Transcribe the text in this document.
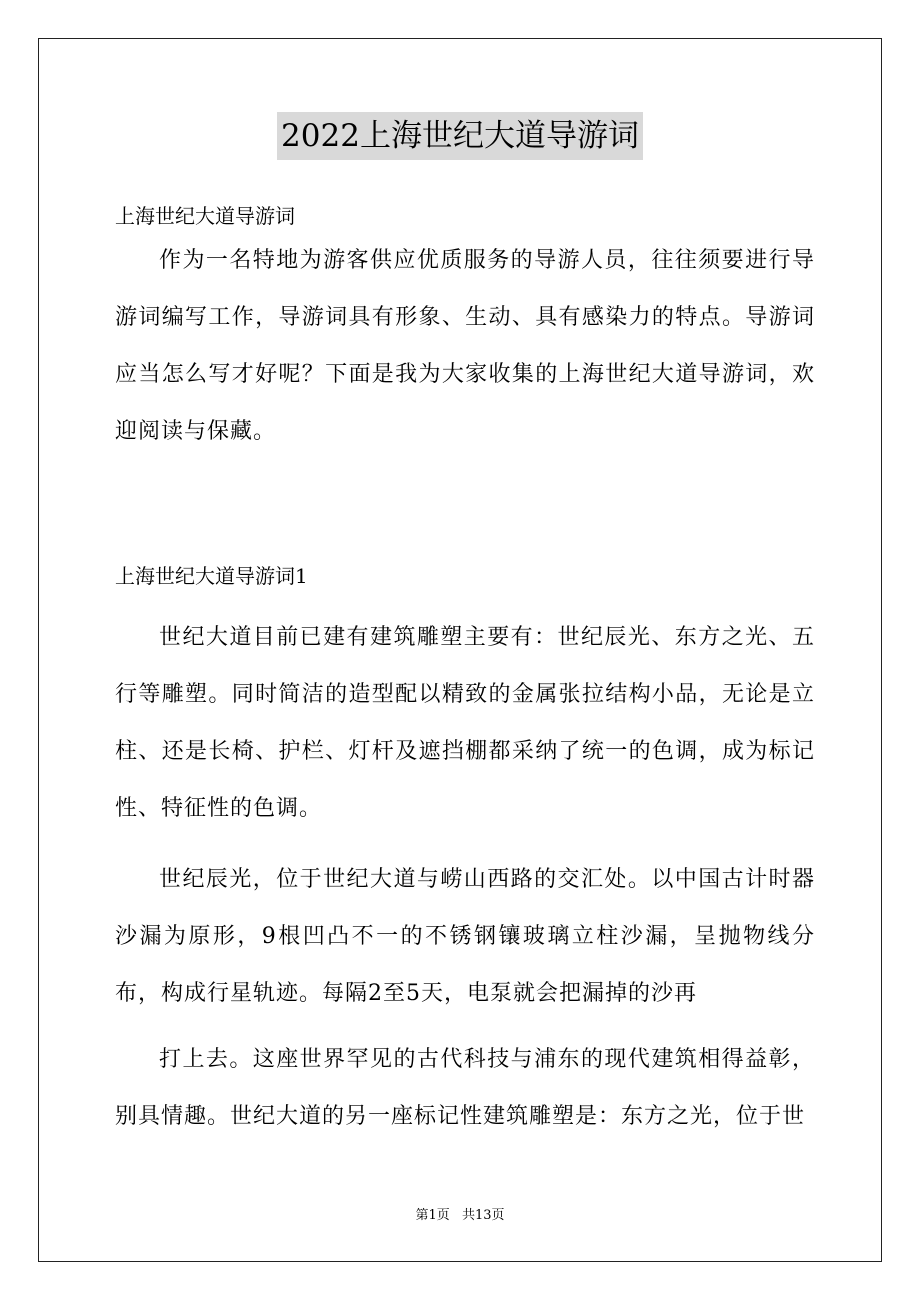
2022上海世纪大道导游词
上海世纪大道导游词
作为一名特地为游客供应优质服务的导游人员，往往须要进行导游词编写工作，导游词具有形象、生动、具有感染力的特点。导游词应当怎么写才好呢？下面是我为大家收集的上海世纪大道导游词，欢迎阅读与保藏。
上海世纪大道导游词1
世纪大道目前已建有建筑雕塑主要有：世纪辰光、东方之光、五行等雕塑。同时简洁的造型配以精致的金属张拉结构小品，无论是立柱、还是长椅、护栏、灯杆及遮挡棚都采纳了统一的色调，成为标记性、特征性的色调。
世纪辰光，位于世纪大道与崂山西路的交汇处。以中国古计时器沙漏为原形，9根凹凸不一的不锈钢镶玻璃立柱沙漏，呈抛物线分布，构成行星轨迹。每隔2至5天，电泵就会把漏掉的沙再
打上去。这座世界罕见的古代科技与浦东的现代建筑相得益彰，别具情趣。世纪大道的另一座标记性建筑雕塑是：东方之光，位于世
第1页 共13页
